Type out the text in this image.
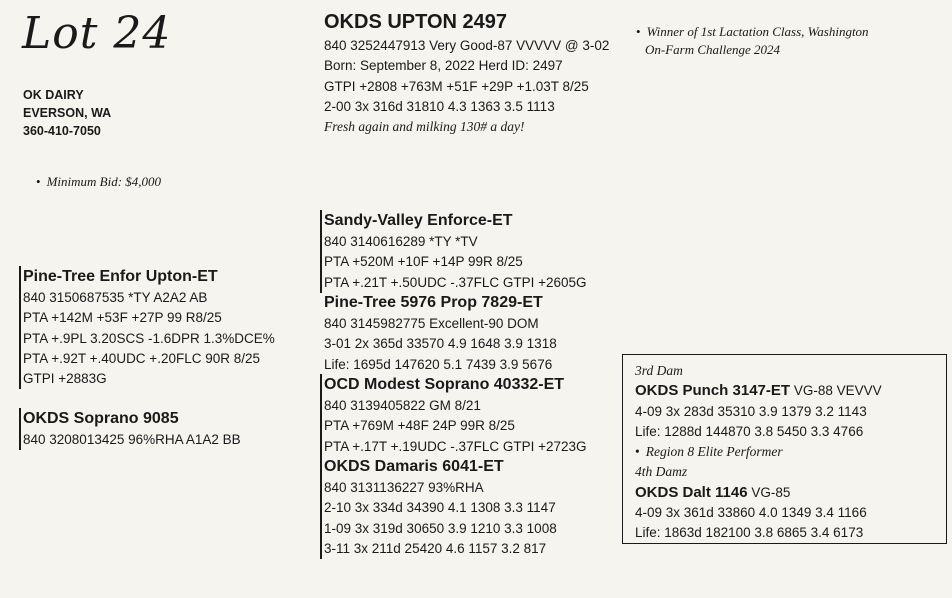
Lot 24
OK DAIRY
EVERSON, WA
360-410-7050
• Minimum Bid: $4,000
• Winner of 1st Lactation Class, Washington
On-Farm Challenge 2024
OKDS UPTON 2497
840 3252447913 Very Good-87 VVVVV @ 3-02
Born: September 8, 2022 Herd ID: 2497
GTPI +2808 +763M +51F +29P +1.03T 8/25
2-00 3x 316d 31810 4.3 1363 3.5 1113
Fresh again and milking 130# a day!
Pine-Tree Enfor Upton-ET
840 3150687535 *TY A2A2 AB
PTA +142M +53F +27P 99 R8/25
PTA +.9PL 3.20SCS -1.6DPR 1.3%DCE%
PTA +.92T +.40UDC +.20FLC 90R 8/25
GTPI +2883G
OKDS Soprano 9085
840 3208013425 96%RHA A1A2 BB
Sandy-Valley Enforce-ET
840 3140616289 *TY *TV
PTA +520M +10F +14P 99R 8/25
PTA +.21T +.50UDC -.37FLC GTPI +2605G
Pine-Tree 5976 Prop 7829-ET
840 3145982775 Excellent-90 DOM
3-01 2x 365d 33570 4.9 1648 3.9 1318
Life: 1695d 147620 5.1 7439 3.9 5676
OCD Modest Soprano 40332-ET
840 3139405822 GM 8/21
PTA +769M +48F 24P 99R 8/25
PTA +.17T +.19UDC -.37FLC GTPI +2723G
OKDS Damaris 6041-ET
840 3131136227 93%RHA
2-10 3x 334d 34390 4.1 1308 3.3 1147
1-09 3x 319d 30650 3.9 1210 3.3 1008
3-11 3x 211d 25420 4.6 1157 3.2 817
3rd Dam
OKDS Punch 3147-ET VG-88 VEVVV
4-09 3x 283d 35310 3.9 1379 3.2 1143
Life: 1288d 144870 3.8 5450 3.3 4766
• Region 8 Elite Performer
4th Damz
OKDS Dalt 1146 VG-85
4-09 3x 361d 33860 4.0 1349 3.4 1166
Life: 1863d 182100 3.8 6865 3.4 6173
